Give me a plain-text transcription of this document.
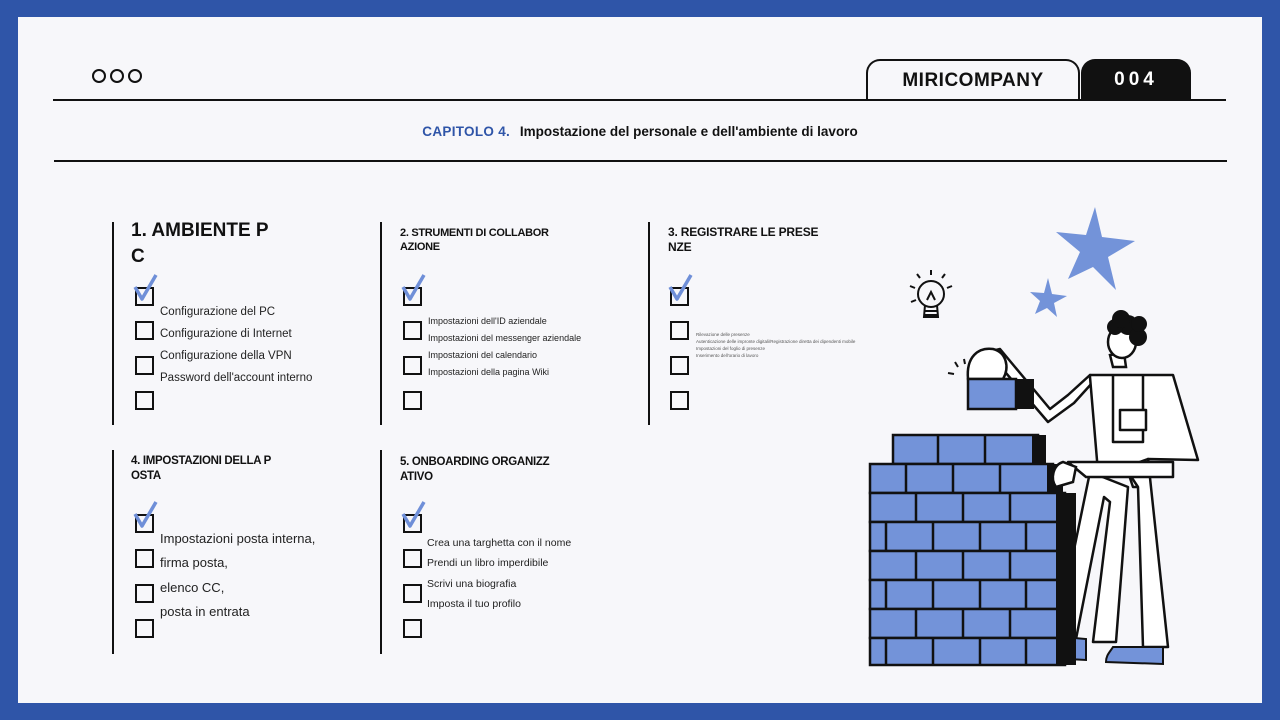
MIRICOMPANY	004
CAPITOLO 4. Impostazione del personale e dell'ambiente di lavoro
1. AMBIENTE P
C
Configurazione del PC
Configurazione di Internet
Configurazione della VPN
Password dell'account interno
2. STRUMENTI DI COLLABOR
AZIONE
Impostazioni dell'ID aziendale
Impostazioni del messenger aziendale
Impostazioni del calendario
Impostazioni della pagina Wiki
3. REGISTRARE LE PRESE
NZE
Rilevazione delle presenze
Autenticazione delle impronte digitali/Registrazione diretta dei dipendenti mobile
Impostazioni del foglio di presenze
Inserimento dell'orario di lavoro
4. IMPOSTAZIONI DELLA P
OSTA
Impostazioni posta interna,
firma posta,
elenco CC,
posta in entrata
5. ONBOARDING ORGANIZZ
ATIVO
Crea una targhetta con il nome
Prendi un libro imperdibile
Scrivi una biografia
Imposta il tuo profilo
